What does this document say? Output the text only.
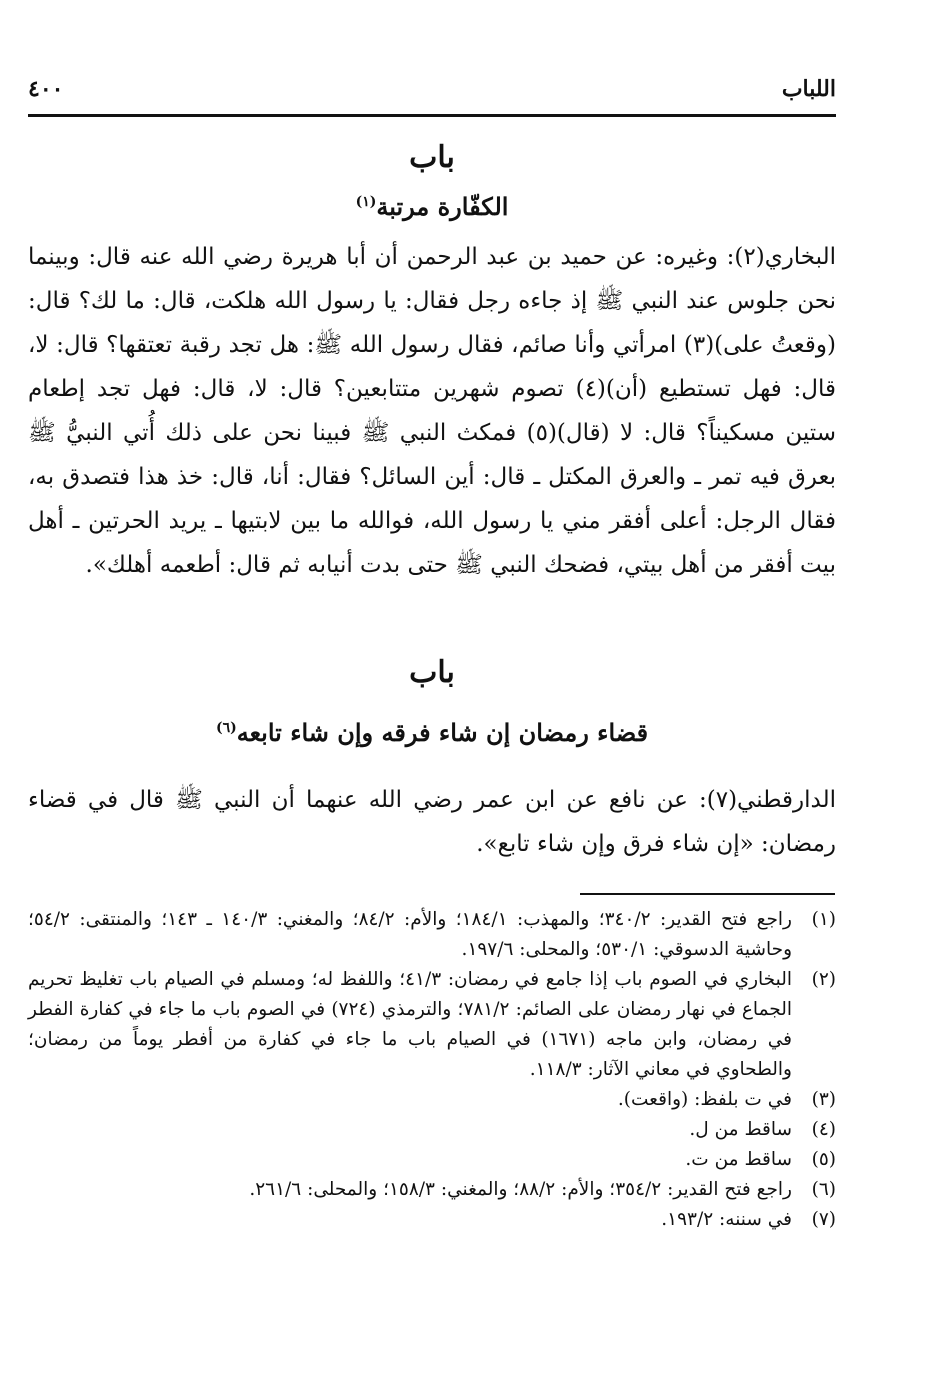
اللباب
٤٠٠
باب
الكفّارة مرتبة$^{(١)}$

البخاري(٢): وغيره: عن حميد بن عبد الرحمن أن أبا هريرة رضي الله عنه قال: وبينما نحن جلوس عند النبي ﷺ إذ جاءه رجل فقال: يا رسول الله هلكت، قال: ما لك؟ قال: (وقعتُ على)(٣) امرأتي وأنا صائم، فقال رسول الله ﷺ: هل تجد رقبة تعتقها؟ قال: لا، قال: فهل تستطيع (أن)(٤) تصوم شهرين متتابعين؟ قال: لا، قال: فهل تجد إطعام ستين مسكيناً؟ قال: لا (قال)(٥) فمكث النبي ﷺ فبينا نحن على ذلك أُتي النبيُّ ﷺ بعرق فيه تمر ـ والعرق المكتل ـ قال: أين السائل؟ فقال: أنا، قال: خذ هذا فتصدق به، فقال الرجل: أعلى أفقر مني يا رسول الله، فوالله ما بين لابتيها ـ يريد الحرتين ـ أهل بيت أفقر من أهل بيتي، فضحك النبي ﷺ حتى بدت أنيابه ثم قال: أطعمه أهلك».

باب
قضاء رمضان إن شاء فرقه وإن شاء تابعه$^{(٦)}$

الدارقطني(٧): عن نافع عن ابن عمر رضي الله عنهما أن النبي ﷺ قال في قضاء رمضان: «إن شاء فرق وإن شاء تابع».

(١)
راجع فتح القدير: ٣٤٠/٢؛ والمهذب: ١٨٤/١؛ والأم: ٨٤/٢؛ والمغني: ١٤٠/٣ ـ ١٤٣؛ والمنتقى: ٥٤/٢؛ وحاشية الدسوقي: ٥٣٠/١؛ والمحلى: ١٩٧/٦.
(٢)
البخاري في الصوم باب إذا جامع في رمضان: ٤١/٣؛ واللفظ له؛ ومسلم في الصيام باب تغليظ تحريم الجماع في نهار رمضان على الصائم: ٧٨١/٢؛ والترمذي (٧٢٤) في الصوم باب ما جاء في كفارة الفطر في رمضان، وابن ماجه (١٦٧١) في الصيام باب ما جاء في كفارة من أفطر يوماً من رمضان؛ والطحاوي في معاني الآثار: ١١٨/٣.
(٣)
في ت بلفظ: (واقعت).
(٤)
ساقط من ل.
(٥)
ساقط من ت.
(٦)
راجع فتح القدير: ٣٥٤/٢؛ والأم: ٨٨/٢؛ والمغني: ١٥٨/٣؛ والمحلى: ٢٦١/٦.
(٧)
في سننه: ١٩٣/٢.
